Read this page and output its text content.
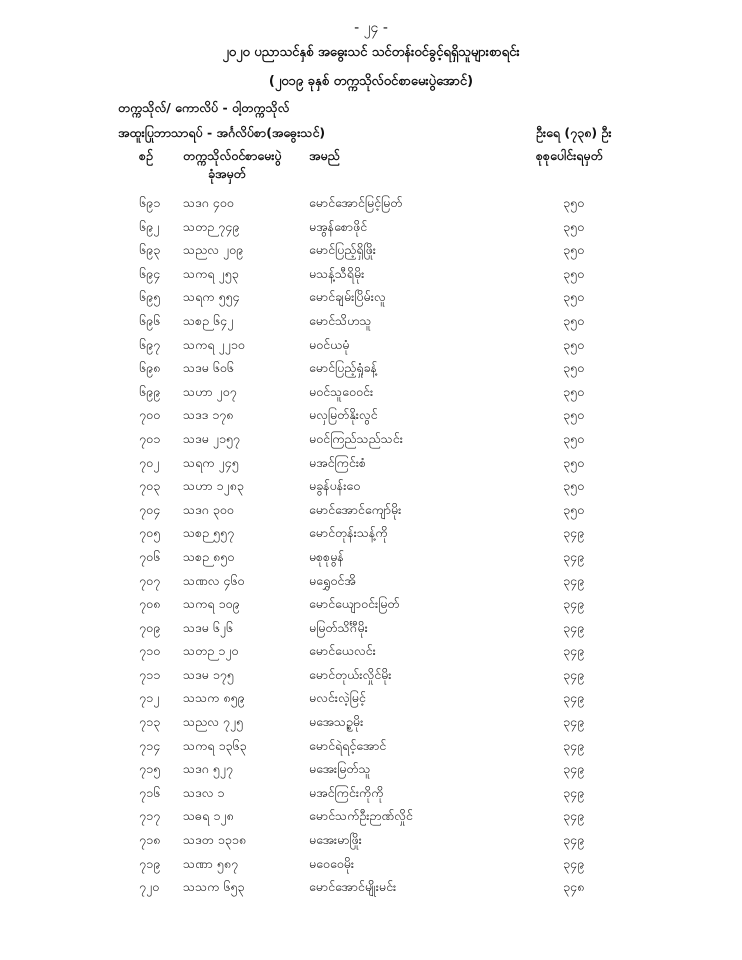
- ၂၄ -
၂၀၂၀ ပညာသင်နှစ် အဓွေးသင် သင်တန်းဝင်ခွင့်ရရှိသူများစာရင်း
(၂၀၁၉ ခုနှစ် တက္ကသိုလ်ဝင်စာမေးပွဲအောင်)
တက္ကသိုလ်/ ကောလိပ် - ဝါ့တက္ကသိုလ်
အထူးပြုဘာသာရပ် - အင်္ဂလိပ်စာ(အဓွေးသင်)	ဦးရေ (၇၃၈) ဦး
စဉ် တက္ကသိုလ်ဝင်စာမေးပွဲ
ခုံအမှတ်
အမည်	စုစုပေါင်းရမှတ်
၆၉၁ သဒဂ ၄၀၀	မောင်အောင်မြင့်မြတ်	၃၅၀
၆၉၂ သတဉ ၇၄၉	မအွန်စောဖိုင်	၃၅၀
၆၉၃ သညလ ၂၀၉	မောင်ပြည့်ရှိဖြိုး	၃၅၀
၆၉၄ သကရ ၂၅၃	မသန့်သီရိမိုး	၃၅၀
၆၉၅ သရက ၅၅၄	မောင်ချမ်းပြိမ်းလူ	၃၅၀
၆၉၆ သစဉ ၆၄၂	မောင်သိဟသူ	၃၅၀
၆၉၇ သကရ ၂၂၁၀	မဝင်ယမုံ	၃၅၀
၆၉၈ သဒမ ၆၀၆	မောင်ပြည့်ရှုံခန့်	၃၅၀
၆၉၉ သဟာ ၂၀၇	မဝင်သူဝေဝင်း	၃၅၀
၇၀၀ သဒဒ ၁၇၈	မလှမြတ်နိုးလွင်	၃၅၀
၇၀၁ သဒမ ၂၁၅၇	မဝင်ကြည်သည်သင်း	၃၅၀
၇၀၂ သရက ၂၄၅	မအင်ကြင်းစံ	၃၅၀
၇၀၃ သဟာ ၁၂၈၃	မခွန်ပန်းဝေ	၃၅၀
၇၀၄ သဒဂ ၃၀၀	မောင်အောင်ကျော်မိုး	၃၅၀
၇၀၅ သစဉ ၅၅၇	မောင်တုန်းသန့်ကို	၃၄၉
၇၀၆ သစဉ ၈၅၀	မစုစုမွန်	၃၄၉
၇၀၇ သဏလ ၄၆၀	မရွှေဝင်အိ	၃၄၉
၇၀၈ သကရ ၁၀၉	မောင်ယျောဝင်းမြတ်	၃၄၉
၇၀၉ သဒမ ၆၂၆	မမြတ်သိင်္ဂီမိုး	၃၄၉
၇၁၀ သတဉ ၁၂၀	မောင်ယေလင်း	၃၄၉
၇၁၁ သဒမ ၁၇၅	မောင်တုယ်းလှိုင်မိုး	၃၄၉
၇၁၂ သသက ၈၅၉	မလင်းလဲ့မြင့်	၃၄၉
၇၁၃ သညလ ၇၂၅	မအေသဥ္စမိုး	၃၄၉
၇၁၄ သကရ ၁၃၆၃	မောင်ရဲရင့်အောင်	၃၄၉
၇၁၅ သဒဂ ၅၂၇	မအေးမြတ်သူ	၃၄၉
၇၁၆ သဒလ ၁	မအင်ကြင်းကိုကို	၃၄၉
၇၁၇ သဓရ ၁၂၈	မောင်သက်ဦးဉာဏ်လှိုင်	၃၄၉
၇၁၈ သဒတ ၁၃၁၈	မအေးမာဖြိုး	၃၄၉
၇၁၉ သဏာ ၅၈၇	မဝေဝေမိုး	၃၄၉
၇၂၀ သသက ၆၅၃	မောင်အောင်မျိုးမင်း	၃၄၈
